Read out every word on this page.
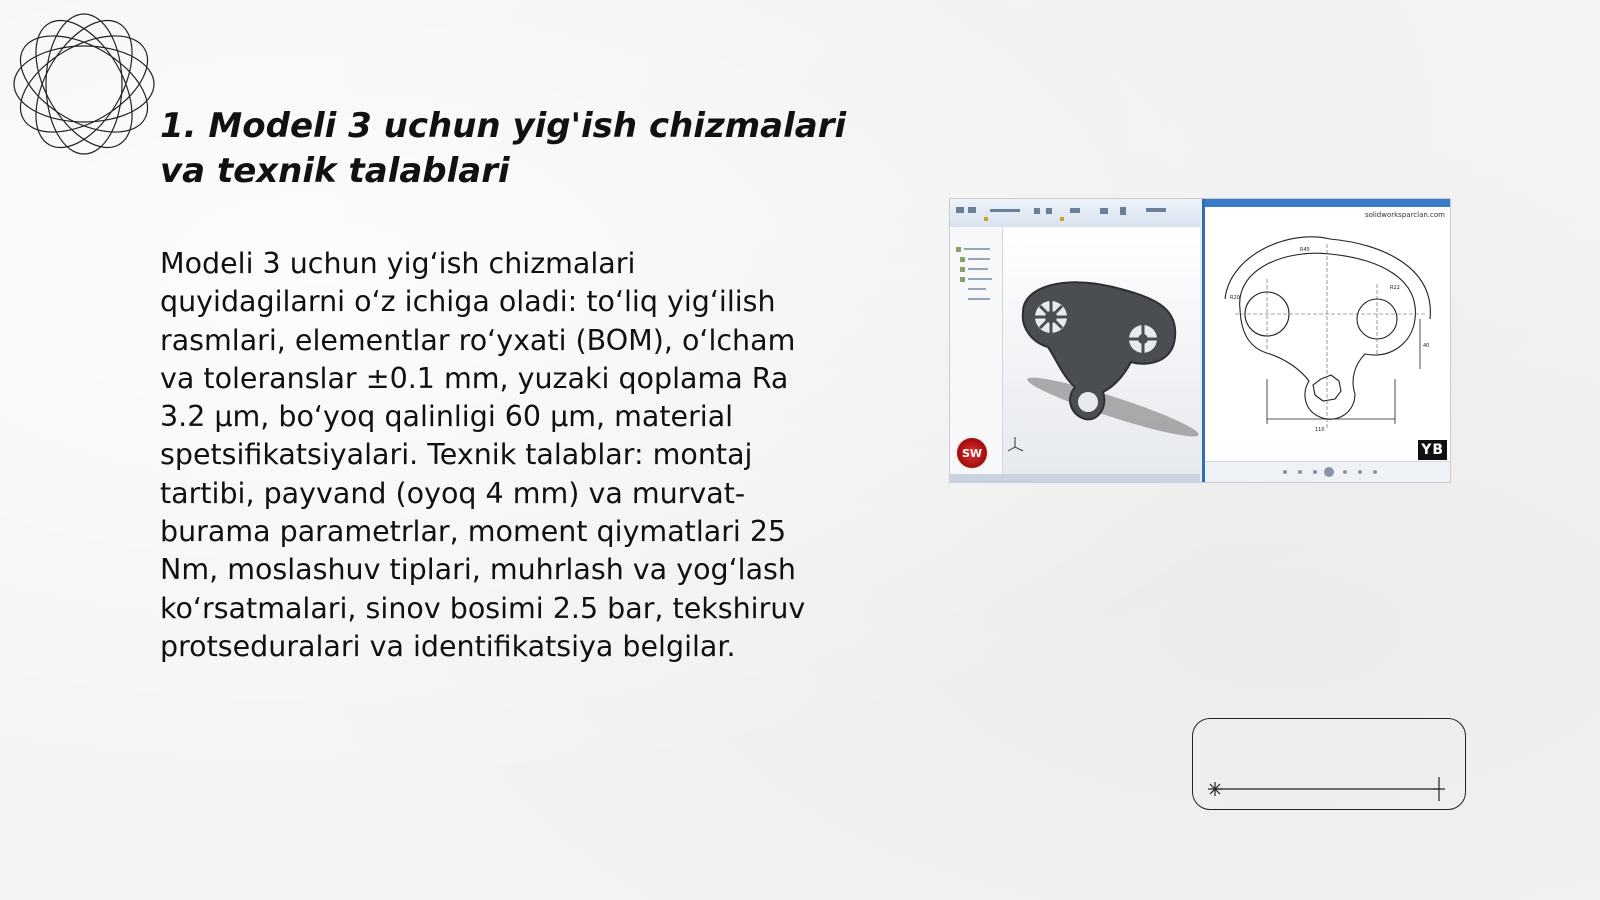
1. Modeli 3 uchun yig'ish chizmalari
va texnik talablari
Modeli 3 uchun yig‘ish chizmalari
quyidagilarni o‘z ichiga oladi: to‘liq yig‘ilish
rasmlari, elementlar ro‘yxati (BOM), o‘lcham
va toleranslar ±0.1 mm, yuzaki qoplama Ra
3.2 μm, bo‘yoq qalinligi 60 μm, material
spetsifikatsiyalari. Texnik talablar: montaj
tartibi, payvand (oyoq 4 mm) va murvat-
burama parametrlar, moment qiymatlari 25
Nm, moslashuv tiplari, muhrlash va yog‘lash
ko‘rsatmalari, sinov bosimi 2.5 bar, tekshiruv
protseduralari va identifikatsiya belgilar.
SW
solidworksparclan.com
R45
R20
R22
110
40
YB
